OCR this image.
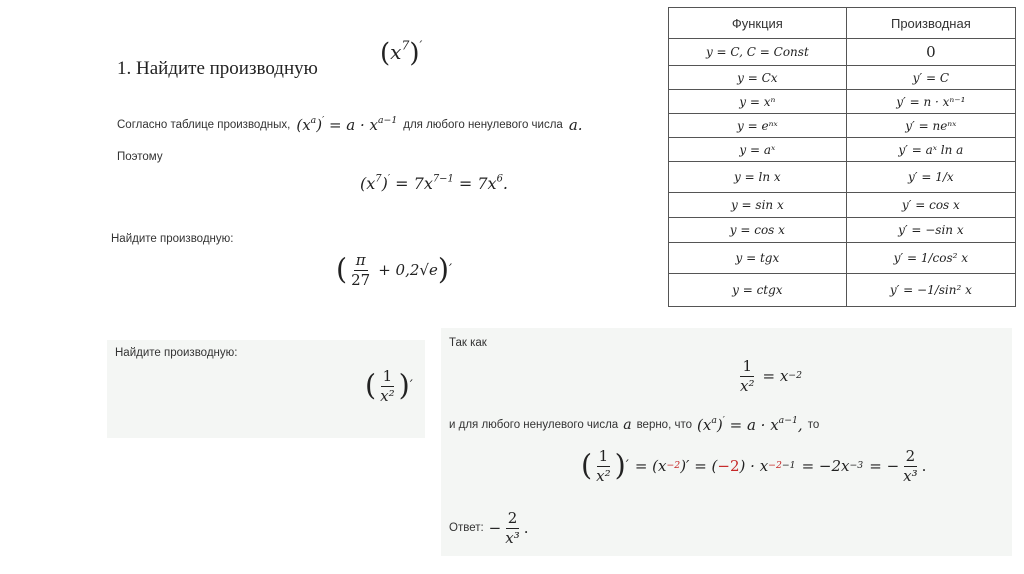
1. Найдите производную $(x^7)'$
Согласно таблице производных, $(x^a)' = a \cdot x^{a-1}$ для любого ненулевого числа a.
Поэтому
$(x^7)' = 7x^{7-1} = 7x^6$.
Найдите производную:
( $\frac{\pi}{27} + 0,2√e$ ) ′
Найдите производную:
( $\frac{1}{\text{x²}}$ ) ′
Так как
$\frac{1}{\text{x²}} = x -2$
и для любого ненулевого числа a верно, что $(x^a)' = a \cdot x^{a-1}$, то
( $\frac{1}{\text{x²}}$ ) ′ = (x −2 )′ = ( −2 ) · x −2−1 = −2x −3 = − $\frac{2}{\text{x³}}$ .
Ответ: − $\frac{2}{\text{x³}}$ .
Функция	Производная
y = C, C = Const	0
y = Cx	y′ = C
y = xⁿ	y′ = n · xⁿ⁻¹
y = eⁿˣ	y′ = neⁿˣ
y = aˣ	y′ = aˣ ln a
y = ln x	y′ = 1/x
y = sin x	y′ = cos x
y = cos x	y′ = −sin x
y = tgx	y′ = 1/cos² x
y = ctgx	y′ = −1/sin² x
